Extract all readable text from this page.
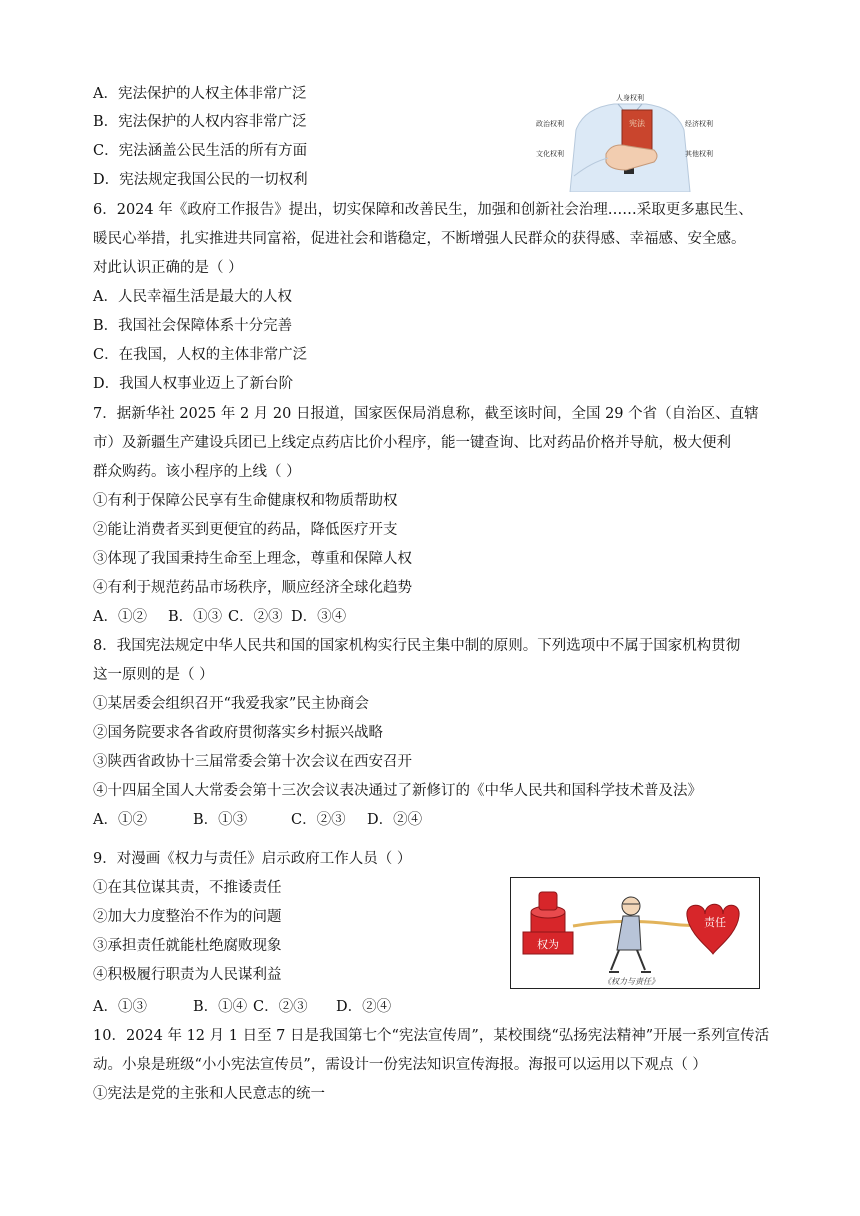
A．宪法保护的人权主体非常广泛
B．宪法保护的人权内容非常广泛
C．宪法涵盖公民生活的所有方面
D．宪法规定我国公民的一切权利
宪法
人身权利
政治权利	经济权利
文化权利	其他权利
6．2024 年《政府工作报告》提出，切实保障和改善民生，加强和创新社会治理……采取更多惠民生、
暖民心举措，扎实推进共同富裕，促进社会和谐稳定，不断增强人民群众的获得感、幸福感、安全感。
对此认识正确的是（ ）
A．人民幸福生活是最大的人权
B．我国社会保障体系十分完善
C．在我国，人权的主体非常广泛
D．我国人权事业迈上了新台阶
7．据新华社 2025 年 2 月 20 日报道，国家医保局消息称，截至该时间，全国 29 个省（自治区、直辖
市）及新疆生产建设兵团已上线定点药店比价小程序，能一键查询、比对药品价格并导航，极大便利
群众购药。该小程序的上线（ ）
①有利于保障公民享有生命健康权和物质帮助权
②能让消费者买到更便宜的药品，降低医疗开支
③体现了我国秉持生命至上理念，尊重和保障人权
④有利于规范药品市场秩序，顺应经济全球化趋势
A．①② B．①③ C．②③ D．③④
8．我国宪法规定中华人民共和国的国家机构实行民主集中制的原则。下列选项中不属于国家机构贯彻
这一原则的是（ ）
①某居委会组织召开“我爱我家”民主协商会
②国务院要求各省政府贯彻落实乡村振兴战略
③陕西省政协十三届常委会第十次会议在西安召开
④十四届全国人大常委会第十三次会议表决通过了新修订的《中华人民共和国科学技术普及法》
A．①②	B．①③	C．②③ D．②④
9．对漫画《权力与责任》启示政府工作人员（ ）
①在其位谋其责，不推诿责任
②加大力度整治不作为的问题
③承担责任就能杜绝腐败现象
④积极履行职责为人民谋利益
A．①③	B．①④ C．②③ D．②④
权为
责任
《权力与责任》
10．2024 年 12 月 1 日至 7 日是我国第七个“宪法宣传周”，某校围绕“弘扬宪法精神”开展一系列宣传活
动。小泉是班级“小小宪法宣传员”，需设计一份宪法知识宣传海报。海报可以运用以下观点（ ）
①宪法是党的主张和人民意志的统一
